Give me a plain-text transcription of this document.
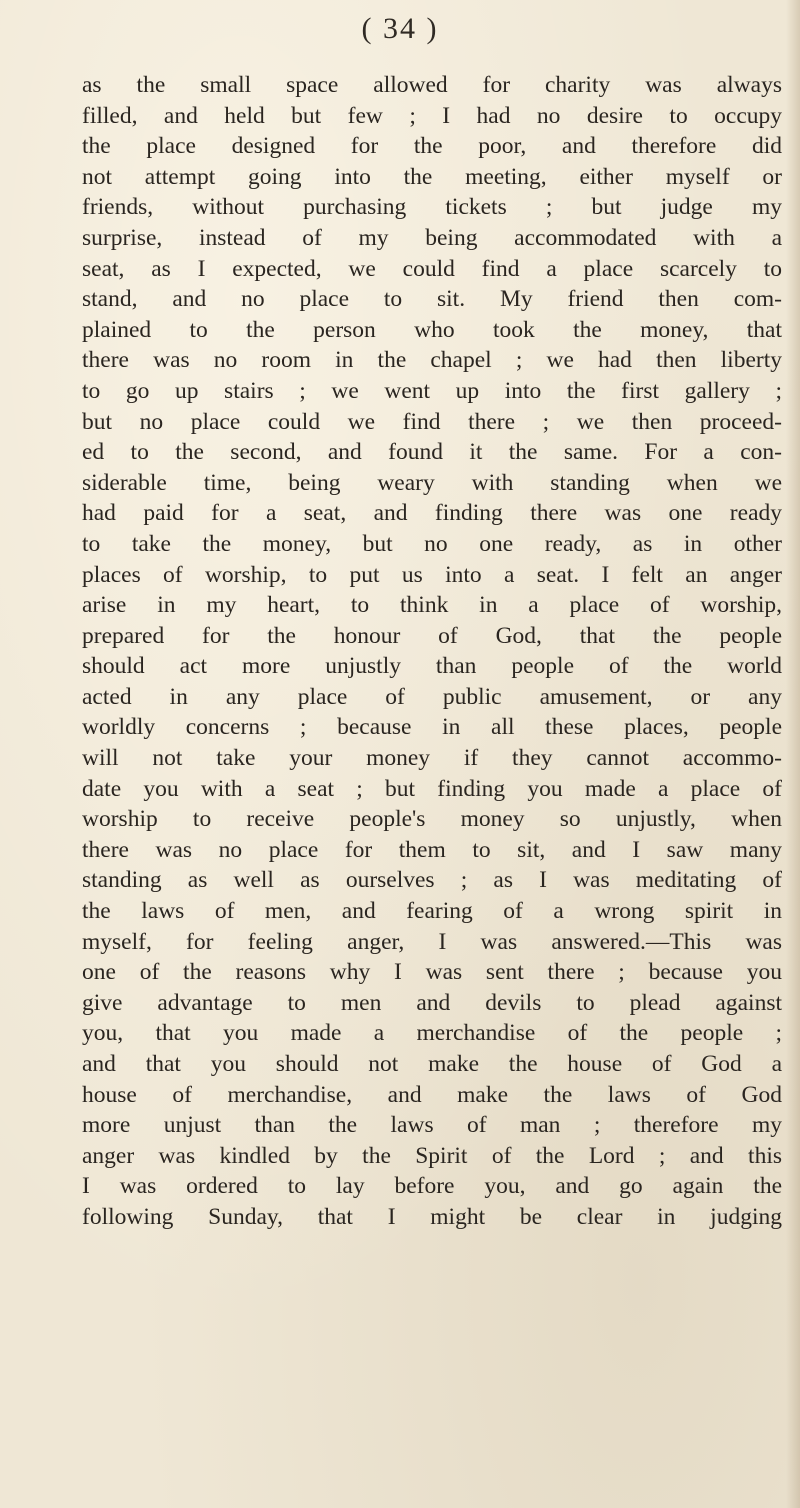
( 34 )
as the small space allowed for charity was always
filled, and held but few ; I had no desire to occupy
the place designed for the poor, and therefore did
not attempt going into the meeting, either myself or
friends, without purchasing tickets ; but judge my
surprise, instead of my being accommodated with a
seat, as I expected, we could find a place scarcely to
stand, and no place to sit. My friend then com-
plained to the person who took the money, that
there was no room in the chapel ; we had then liberty
to go up stairs ; we went up into the first gallery ;
but no place could we find there ; we then proceed-
ed to the second, and found it the same. For a con-
siderable time, being weary with standing when we
had paid for a seat, and finding there was one ready
to take the money, but no one ready, as in other
places of worship, to put us into a seat. I felt an anger
arise in my heart, to think in a place of worship,
prepared for the honour of God, that the people
should act more unjustly than people of the world
acted in any place of public amusement, or any
worldly concerns ; because in all these places, people
will not take your money if they cannot accommo-
date you with a seat ; but finding you made a place of
worship to receive people's money so unjustly, when
there was no place for them to sit, and I saw many
standing as well as ourselves ; as I was meditating of
the laws of men, and fearing of a wrong spirit in
myself, for feeling anger, I was answered.—This was
one of the reasons why I was sent there ; because you
give advantage to men and devils to plead against
you, that you made a merchandise of the people ;
and that you should not make the house of God a
house of merchandise, and make the laws of God
more unjust than the laws of man ; therefore my
anger was kindled by the Spirit of the Lord ; and this
I was ordered to lay before you, and go again the
following Sunday, that I might be clear in judging
